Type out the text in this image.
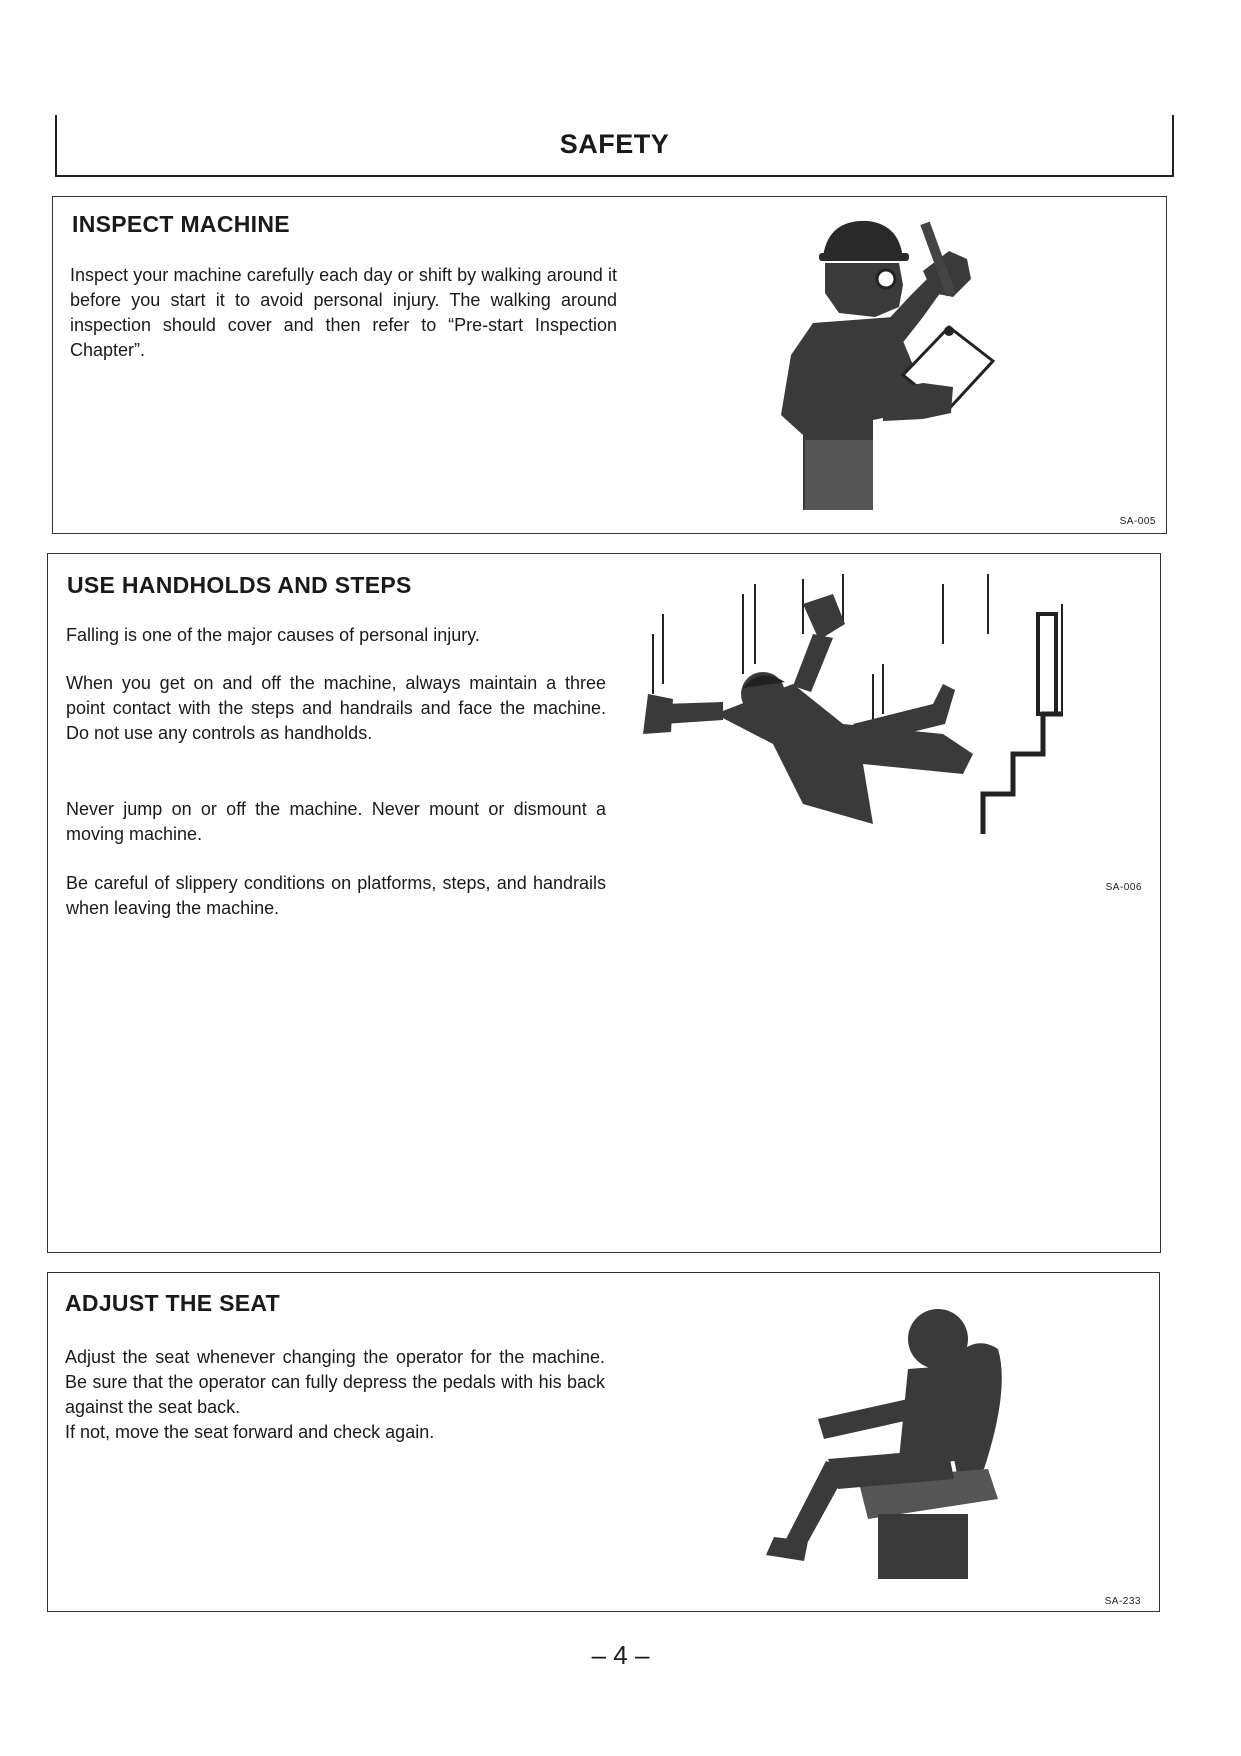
SAFETY
INSPECT MACHINE

Inspect your machine carefully each day or shift by walking around it before you start it to avoid personal injury. The walking around inspection should cover and then refer to “Pre-start Inspection Chapter”.

SA-005
USE HANDHOLDS AND STEPS

Falling is one of the major causes of personal injury.

When you get on and off the machine, always maintain a three point contact with the steps and handrails and face the machine. Do not use any controls as handholds.

Never jump on or off the machine. Never mount or dismount a moving machine.

Be careful of slippery conditions on platforms, steps, and handrails when leaving the machine.

SA-006
ADJUST THE SEAT

Adjust the seat whenever changing the operator for the machine. Be sure that the operator can fully depress the pedals with his back against the seat back.
If not, move the seat forward and check again.

SA-233
– 4 –
